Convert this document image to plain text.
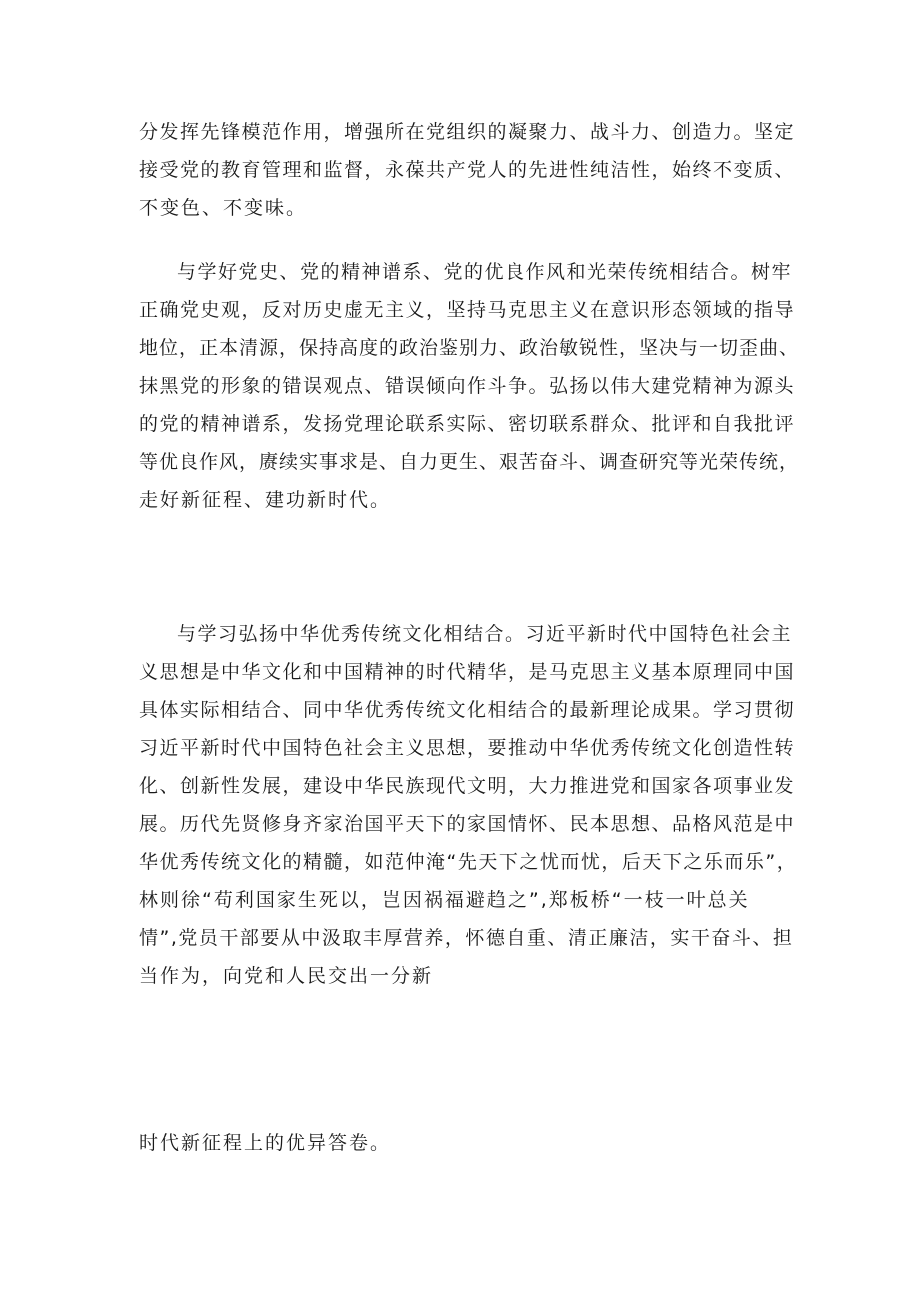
分发挥先锋模范作用，增强所在党组织的凝聚力、战斗力、创造力。坚定
接受党的教育管理和监督，永葆共产党人的先进性纯洁性，始终不变质、
不变色、不变味。
与学好党史、党的精神谱系、党的优良作风和光荣传统相结合。树牢
正确党史观，反对历史虚无主义，坚持马克思主义在意识形态领域的指导
地位，正本清源，保持高度的政治鉴别力、政治敏锐性，坚决与一切歪曲、
抹黑党的形象的错误观点、错误倾向作斗争。弘扬以伟大建党精神为源头
的党的精神谱系，发扬党理论联系实际、密切联系群众、批评和自我批评
等优良作风，赓续实事求是、自力更生、艰苦奋斗、调查研究等光荣传统，
走好新征程、建功新时代。
与学习弘扬中华优秀传统文化相结合。习近平新时代中国特色社会主
义思想是中华文化和中国精神的时代精华，是马克思主义基本原理同中国
具体实际相结合、同中华优秀传统文化相结合的最新理论成果。学习贯彻
习近平新时代中国特色社会主义思想，要推动中华优秀传统文化创造性转
化、创新性发展，建设中华民族现代文明，大力推进党和国家各项事业发
展。历代先贤修身齐家治国平天下的家国情怀、民本思想、品格风范是中
华优秀传统文化的精髓，如范仲淹“先天下之忧而忧，后天下之乐而乐”，
林则徐“苟利国家生死以，岂因祸福避趋之”,郑板桥“一枝一叶总关
情”,党员干部要从中汲取丰厚营养，怀德自重、清正廉洁，实干奋斗、担
当作为，向党和人民交出一分新
时代新征程上的优异答卷。
